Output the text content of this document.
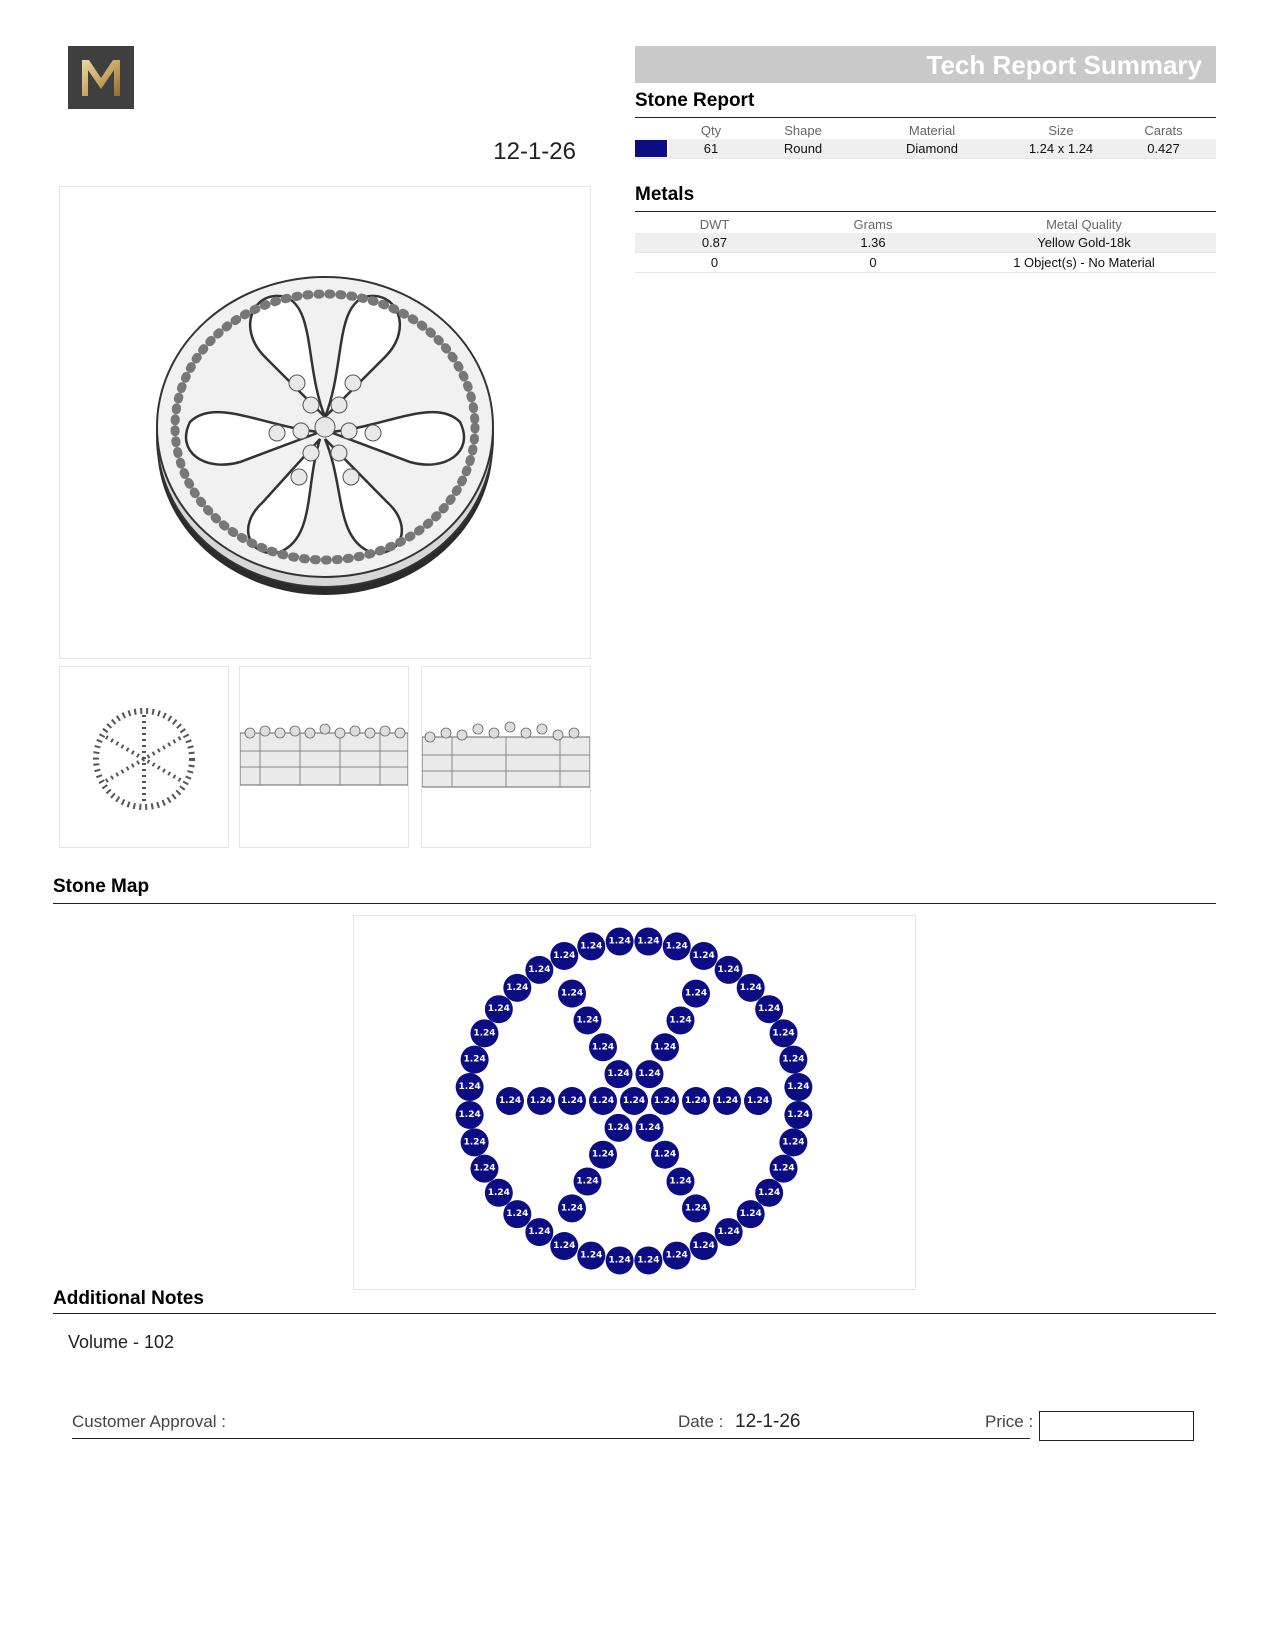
12-1-26
Tech Report Summary
Stone Report
	Qty	Shape	Material	Size	Carats
	61	Round	Diamond	1.24 x 1.24	0.427
Metals
DWT	Grams	Metal Quality
0.87	1.36	Yellow Gold-18k
0	0	1 Object(s) - No Material
Stone Map
1.24
1.24
1.24
1.24
1.24
1.24
1.24
1.24
1.24
1.24
1.24
1.24
1.24
1.24
1.24
1.24
1.24
1.24
1.24
1.24
1.24
1.24
1.24
1.24
1.24
1.24 1.24 1.24 1.24
1.24
1.24
1.24
1.24
1.24
1.24
1.24
1.24 1.24
1.24	1.24
1.24	1.24
1.24	1.24
1.24
1.24
1.24
1.24
1.24
1.24
1.24
1.24
1.24
1.24
1.24
1.24
1.24
1.24
1.24
1.24
1.24
Additional Notes
Volume - 102
Customer Approval :	Date : 12-1-26	Price :
